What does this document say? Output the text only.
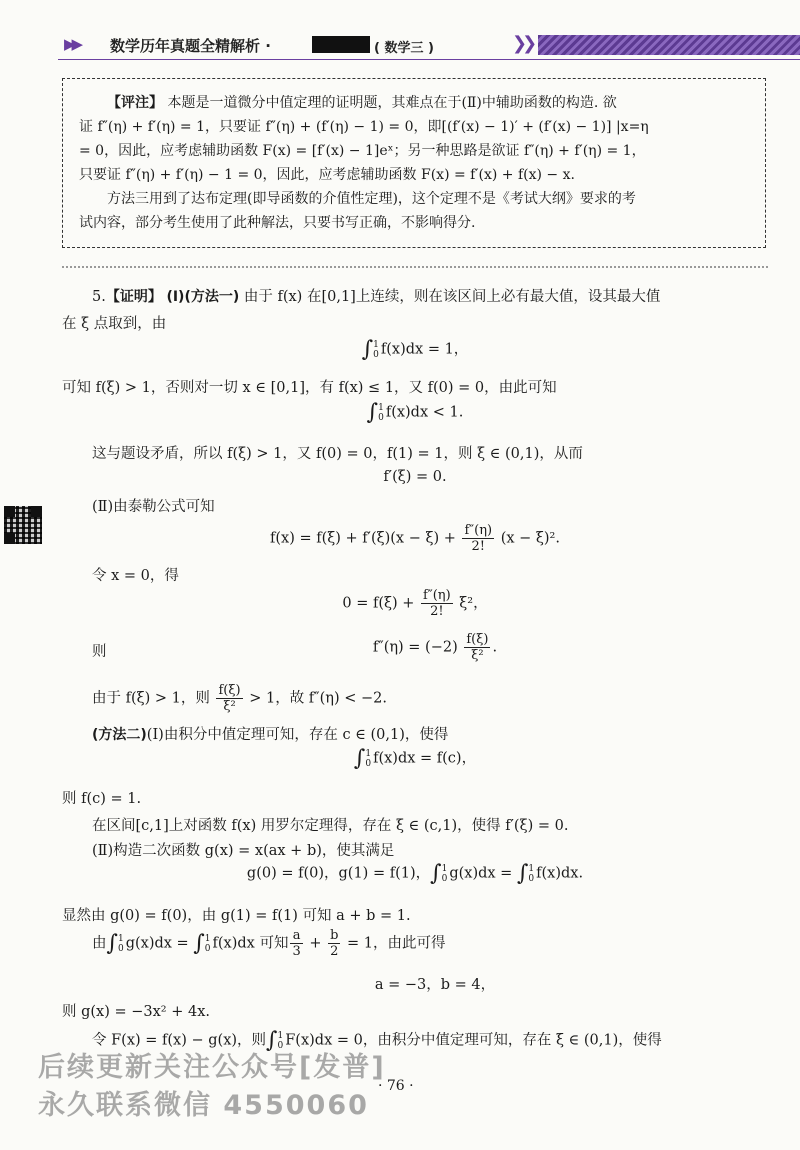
▶▶ 数学历年真题全精解析 ·	( 数学三 )	❯❯

【评注】 本题是一道微分中值定理的证明题，其难点在于(Ⅱ)中辅助函数的构造. 欲

证 f″(η) + f′(η) = 1，只要证 f″(η) + (f′(η) − 1) = 0，即[(f′(x) − 1)′ + (f′(x) − 1)] |x=η

= 0，因此，应考虑辅助函数 F(x) = [f′(x) − 1]eˣ；另一种思路是欲证 f″(η) + f′(η) = 1，

只要证 f″(η) + f′(η) − 1 = 0，因此，应考虑辅助函数 F(x) = f′(x) + f(x) − x.

方法三用到了达布定理(即导函数的介值性定理)，这个定理不是《考试大纲》要求的考

试内容，部分考生使用了此种解法，只要书写正确，不影响得分.

5.【证明】 (Ⅰ)(方法一) 由于 f(x) 在[0,1]上连续，则在该区间上必有最大值，设其最大值
在 ξ 点取到，由
∫1
0 f(x)dx = 1，
可知 f(ξ) > 1，否则对一切 x ∈ [0,1]，有 f(x) ≤ 1，又 f(0) = 0，由此可知
∫1
0 f(x)dx < 1.
这与题设矛盾，所以 f(ξ) > 1，又 f(0) = 0，f(1) = 1，则 ξ ∈ (0,1)，从而
f′(ξ) = 0.
(Ⅱ)由泰勒公式可知
$f(x) = f(\xi) + f'(\xi)(x - \xi) + \frac{f''(\eta)}{2!} (x - \xi)^2$.
令 x = 0，得
$0 = f(\xi) + \frac{f''(\eta)}{2!} \xi^2$，
则	$f''(\eta) = (-2) \frac{f(\xi)}{\text{ξ²}}$ .
由于 f(ξ) > 1，则 $\frac{f(\xi)}{\text{ξ²}} > 1$，故 f″(η) < −2.
(方法二)(Ⅰ)由积分中值定理可知，存在 c ∈ (0,1)，使得
∫1
0 f(x)dx = f(c)，
则 f(c) = 1.
在区间[c,1]上对函数 f(x) 用罗尔定理得，存在 ξ ∈ (c,1)，使得 f′(ξ) = 0.
(Ⅱ)构造二次函数 g(x) = x(ax + b)，使其满足
g(0) = f(0)，g(1) = f(1)，∫1
0 g(x)dx = ∫1
0 f(x)dx.
显然由 g(0) = f(0)，由 g(1) = f(1) 可知 a + b = 1.
由∫1
0 g(x)dx = ∫1
0 f(x)dx 可知 $\frac{a}{3} + \frac{b}{2} = 1$，由此可得
a = −3，b = 4，
则 g(x) = −3x² + 4x.
令 F(x) = f(x) − g(x)，则∫1
0 F(x)dx = 0，由积分中值定理可知，存在 ξ ∈ (0,1)，使得
后续更新关注公众号[发普]
永久联系微信 4550060
· 76 ·
